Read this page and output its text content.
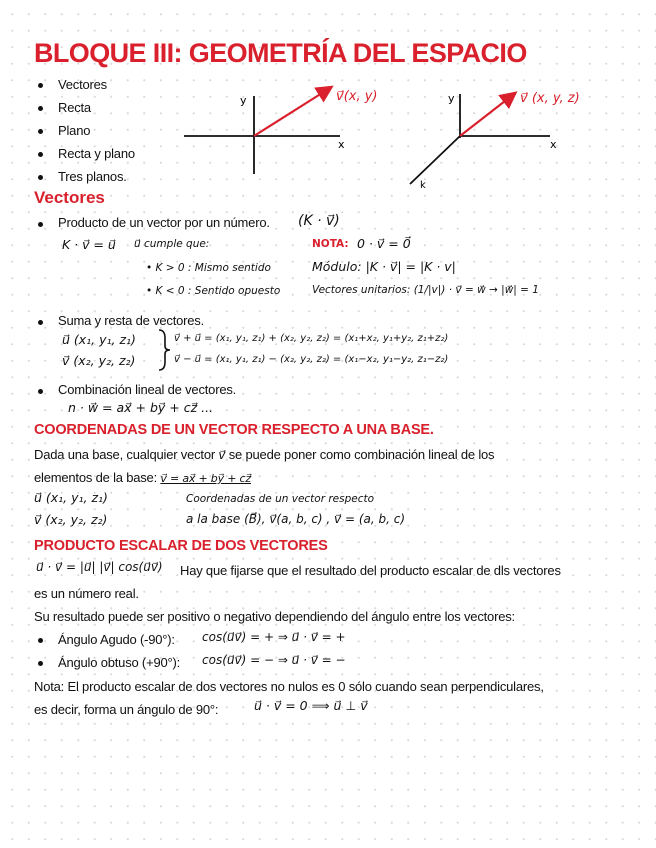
BLOQUE III: GEOMETRÍA DEL ESPACIO
Vectores
Recta
Plano
Recta y plano
Tres planos.
y
x
v⃗(x, y)	y
x
k
v⃗ (x, y, z)
Vectores
Producto de un vector por un número. (K · v⃗)
K · v⃗ = u⃗ u⃗ cumple que:
• K > 0 : Mismo sentido
• K < 0 : Sentido opuesto
NOTA: 0 · v⃗ = 0⃗
Módulo: |K · v⃗| = |K · v|
Vectores unitarios: (1/|v|) · v⃗ = w⃗ → |w⃗| = 1
Suma y resta de vectores.
u⃗ (x₁, y₁, z₁)
v⃗ (x₂, y₂, z₂)
v⃗ + u⃗ = (x₁, y₁, z₁) + (x₂, y₂, z₂) = (x₁+x₂, y₁+y₂, z₁+z₂)
v⃗ − u⃗ = (x₁, y₁, z₁) − (x₂, y₂, z₂) = (x₁−x₂, y₁−y₂, z₁−z₂)
Combinación lineal de vectores.
n · w⃗ = ax⃗ + by⃗ + cz⃗ ...
COORDENADAS DE UN VECTOR RESPECTO A UNA BASE.
Dada una base, cualquier vector v⃗ se puede poner como combinación lineal de los
elementos de la base: v⃗ = ax⃗ + by⃗ + cz⃗
u⃗ (x₁, y₁, z₁)
v⃗ (x₂, y₂, z₂)
Coordenadas de un vector respecto
a la base (B⃗), v⃗(a, b, c) , v⃗ = (a, b, c)
PRODUCTO ESCALAR DE DOS VECTORES
u⃗ · v⃗ = |u⃗| |v⃗| cos(u⃗v⃗) Hay que fijarse que el resultado del producto escalar de dls vectores
es un número real.
Su resultado puede ser positivo o negativo dependiendo del ángulo entre los vectores:
Ángulo Agudo (-90°): cos(u⃗v⃗) = + ⇒ u⃗ · v⃗ = +
Ángulo obtuso (+90°): cos(u⃗v⃗) = − ⇒ u⃗ · v⃗ = −
Nota: El producto escalar de dos vectores no nulos es 0 sólo cuando sean perpendiculares,
es decir, forma un ángulo de 90°:	u⃗ · v⃗ = 0 ⟹ u⃗ ⊥ v⃗
